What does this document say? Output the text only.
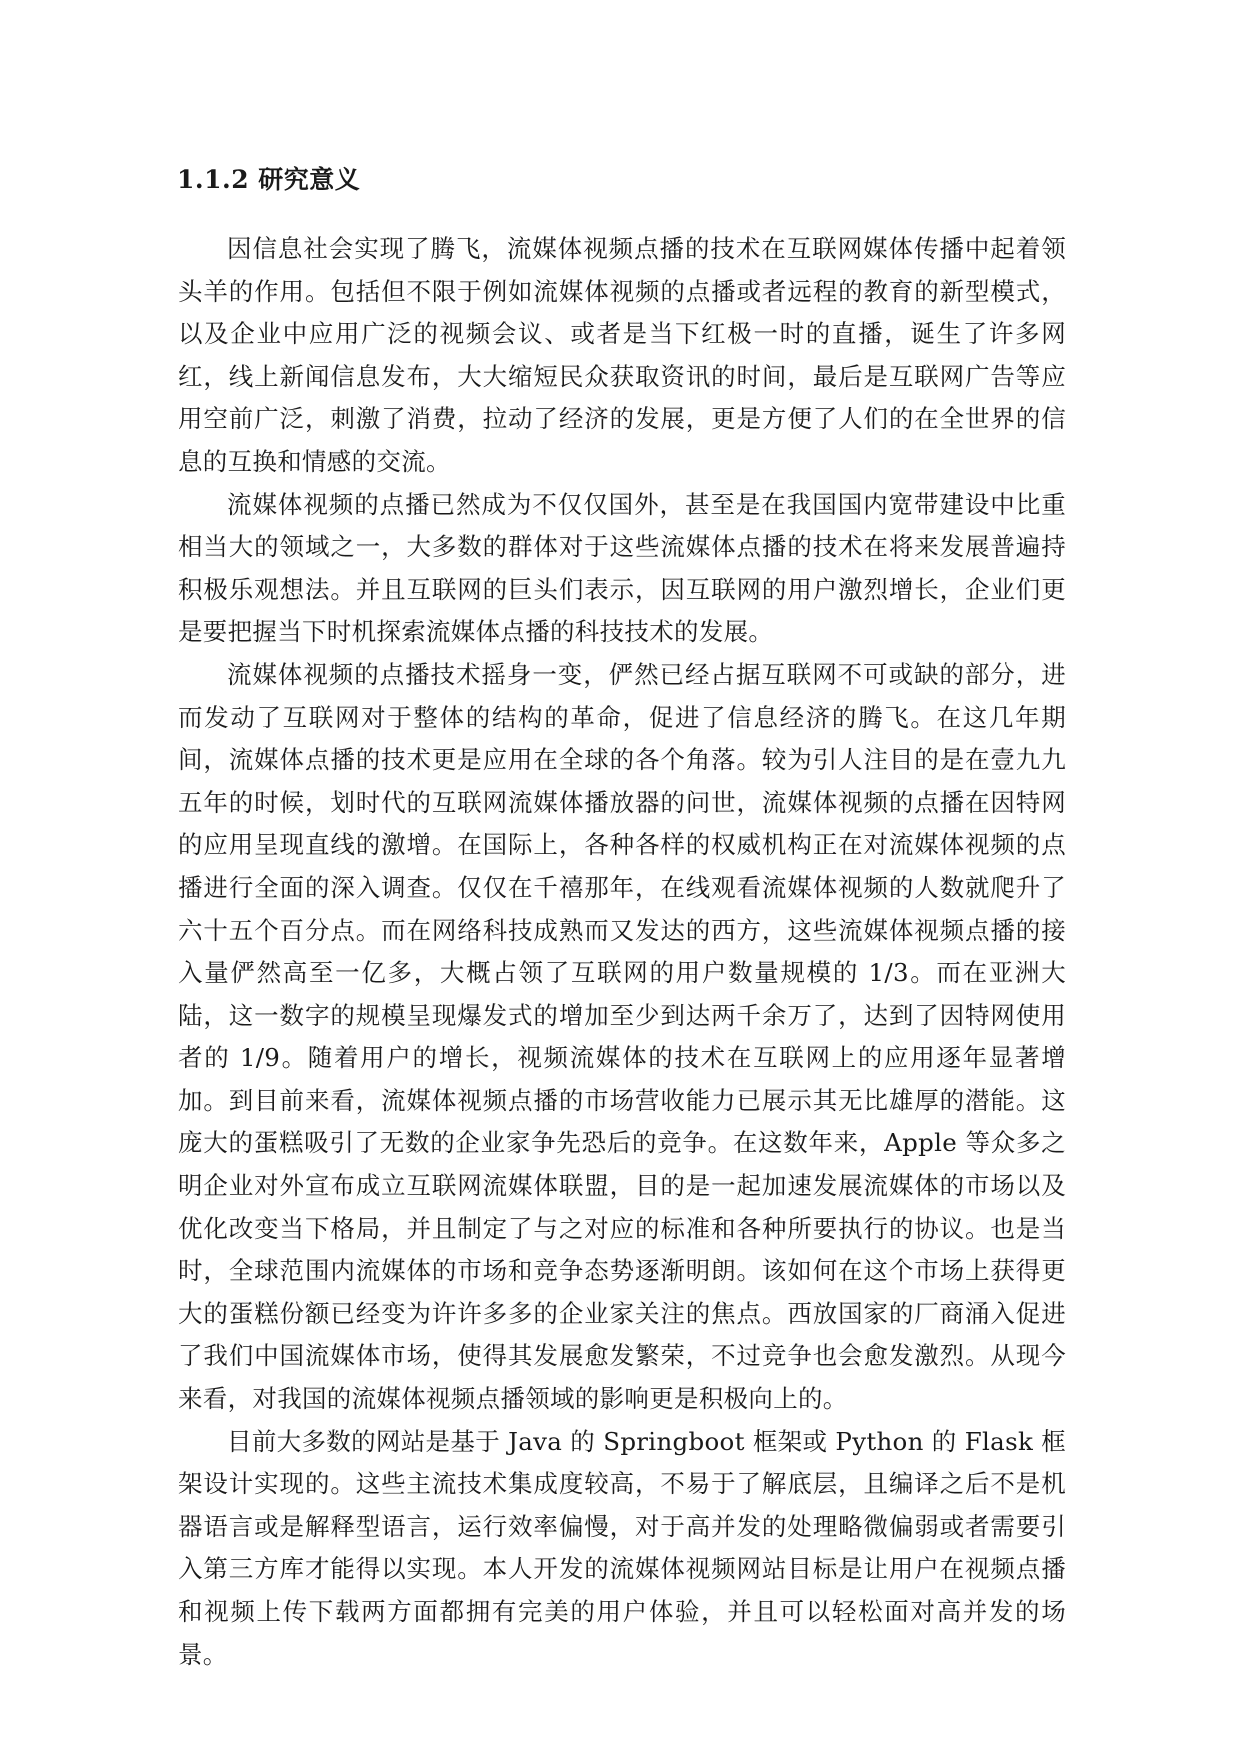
1.1.2 研究意义

因信息社会实现了腾飞，流媒体视频点播的技术在互联网媒体传播中起着领头羊的作用。包括但不限于例如流媒体视频的点播或者远程的教育的新型模式，以及企业中应用广泛的视频会议、或者是当下红极一时的直播，诞生了许多网红，线上新闻信息发布，大大缩短民众获取资讯的时间，最后是互联网广告等应用空前广泛，刺激了消费，拉动了经济的发展，更是方便了人们的在全世界的信息的互换和情感的交流。

流媒体视频的点播已然成为不仅仅国外，甚至是在我国国内宽带建设中比重相当大的领域之一，大多数的群体对于这些流媒体点播的技术在将来发展普遍持积极乐观想法。并且互联网的巨头们表示，因互联网的用户激烈增长，企业们更是要把握当下时机探索流媒体点播的科技技术的发展。

流媒体视频的点播技术摇身一变，俨然已经占据互联网不可或缺的部分，进而发动了互联网对于整体的结构的革命，促进了信息经济的腾飞。在这几年期间，流媒体点播的技术更是应用在全球的各个角落。较为引人注目的是在壹九九五年的时候，划时代的互联网流媒体播放器的问世，流媒体视频的点播在因特网的应用呈现直线的激增。在国际上，各种各样的权威机构正在对流媒体视频的点播进行全面的深入调查。仅仅在千禧那年，在线观看流媒体视频的人数就爬升了六十五个百分点。而在网络科技成熟而又发达的西方，这些流媒体视频点播的接入量俨然高至一亿多，大概占领了互联网的用户数量规模的 1/3。而在亚洲大陆，这一数字的规模呈现爆发式的增加至少到达两千余万了，达到了因特网使用者的 1/9。随着用户的增长，视频流媒体的技术在互联网上的应用逐年显著增加。到目前来看，流媒体视频点播的市场营收能力已展示其无比雄厚的潜能。这庞大的蛋糕吸引了无数的企业家争先恐后的竞争。在这数年来，Apple 等众多之明企业对外宣布成立互联网流媒体联盟，目的是一起加速发展流媒体的市场以及优化改变当下格局，并且制定了与之对应的标准和各种所要执行的协议。也是当时，全球范围内流媒体的市场和竞争态势逐渐明朗。该如何在这个市场上获得更大的蛋糕份额已经变为许许多多的企业家关注的焦点。西放国家的厂商涌入促进了我们中国流媒体市场，使得其发展愈发繁荣，不过竞争也会愈发激烈。从现今来看，对我国的流媒体视频点播领域的影响更是积极向上的。

目前大多数的网站是基于 Java 的 Springboot 框架或 Python 的 Flask 框架设计实现的。这些主流技术集成度较高，不易于了解底层，且编译之后不是机器语言或是解释型语言，运行效率偏慢，对于高并发的处理略微偏弱或者需要引入第三方库才能得以实现。本人开发的流媒体视频网站目标是让用户在视频点播和视频上传下载两方面都拥有完美的用户体验，并且可以轻松面对高并发的场景。
